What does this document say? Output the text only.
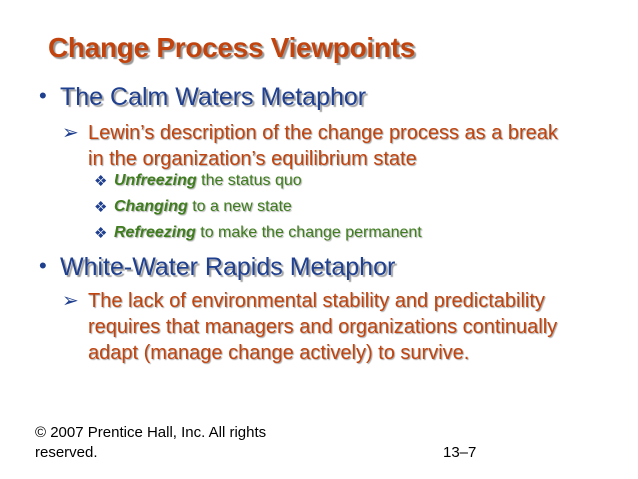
Change Process Viewpoints
• The Calm Waters Metaphor
➢ Lewin’s description of the change process as a break
in the organization’s equilibrium state
❖ Unfreezing the status quo
❖ Changing to a new state
❖ Refreezing to make the change permanent
• White-Water Rapids Metaphor
➢ The lack of environmental stability and predictability
requires that managers and organizations continually
adapt (manage change actively) to survive.
© 2007 Prentice Hall, Inc. All rights
reserved.	13–7
